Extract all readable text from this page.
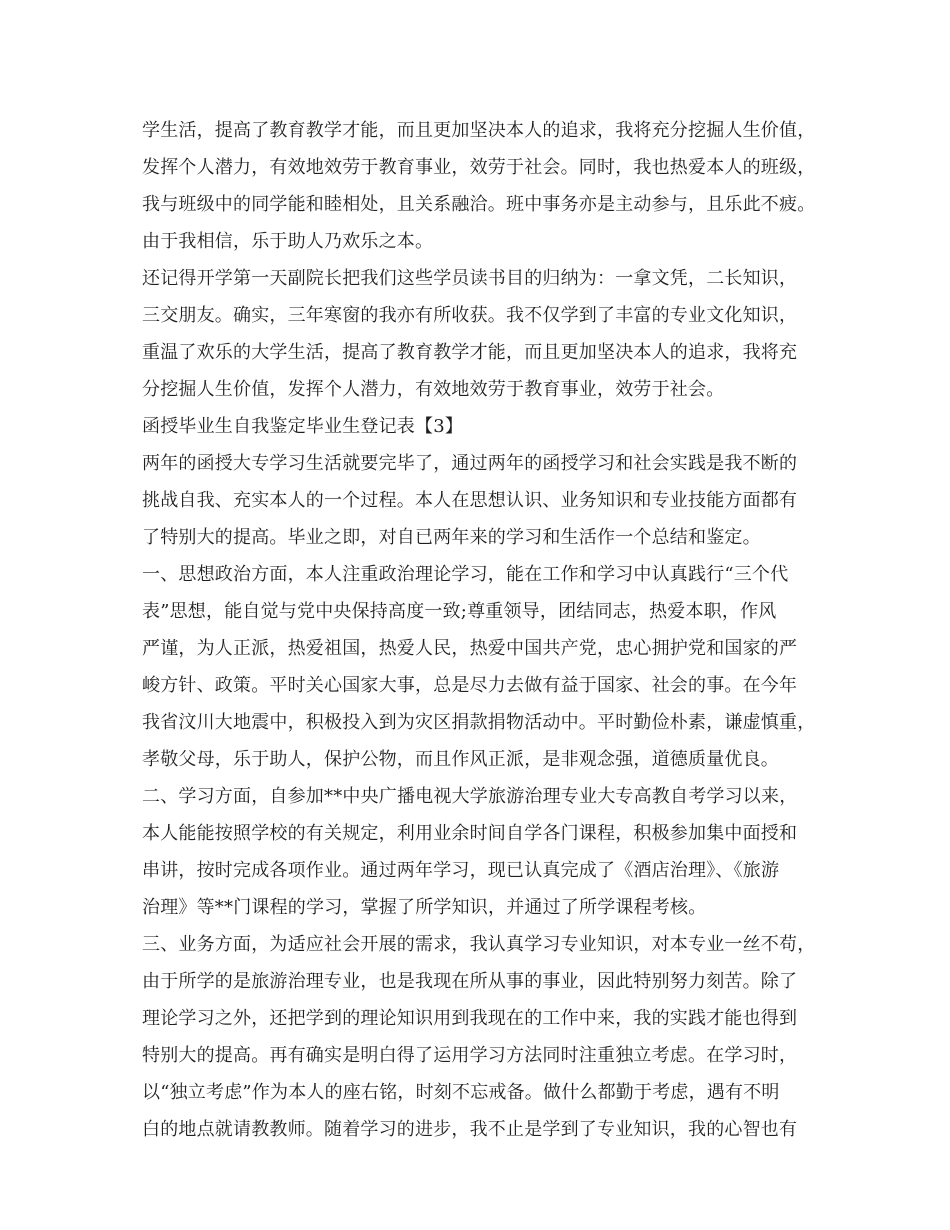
学生活，提高了教育教学才能，而且更加坚决本人的追求，我将充分挖掘人生价值，
发挥个人潜力，有效地效劳于教育事业，效劳于社会。同时，我也热爱本人的班级，
我与班级中的同学能和睦相处，且关系融洽。班中事务亦是主动参与，且乐此不疲。
由于我相信，乐于助人乃欢乐之本。
还记得开学第一天副院长把我们这些学员读书目的归纳为：一拿文凭，二长知识，
三交朋友。确实，三年寒窗的我亦有所收获。我不仅学到了丰富的专业文化知识，
重温了欢乐的大学生活，提高了教育教学才能，而且更加坚决本人的追求，我将充
分挖掘人生价值，发挥个人潜力，有效地效劳于教育事业，效劳于社会。
函授毕业生自我鉴定毕业生登记表【3】
两年的函授大专学习生活就要完毕了，通过两年的函授学习和社会实践是我不断的
挑战自我、充实本人的一个过程。本人在思想认识、业务知识和专业技能方面都有
了特别大的提高。毕业之即，对自已两年来的学习和生活作一个总结和鉴定。
一、思想政治方面，本人注重政治理论学习，能在工作和学习中认真践行“三个代
表”思想，能自觉与党中央保持高度一致;尊重领导，团结同志，热爱本职，作风
严谨，为人正派，热爱祖国，热爱人民，热爱中国共产党，忠心拥护党和国家的严
峻方针、政策。平时关心国家大事，总是尽力去做有益于国家、社会的事。在今年
我省汶川大地震中，积极投入到为灾区捐款捐物活动中。平时勤俭朴素，谦虚慎重，
孝敬父母，乐于助人，保护公物，而且作风正派，是非观念强，道德质量优良。
二、学习方面，自参加**中央广播电视大学旅游治理专业大专高教自考学习以来，
本人能能按照学校的有关规定，利用业余时间自学各门课程，积极参加集中面授和
串讲，按时完成各项作业。通过两年学习，现已认真完成了《酒店治理》、《旅游
治理》等**门课程的学习，掌握了所学知识，并通过了所学课程考核。
三、业务方面，为适应社会开展的需求，我认真学习专业知识，对本专业一丝不苟，
由于所学的是旅游治理专业，也是我现在所从事的事业，因此特别努力刻苦。除了
理论学习之外，还把学到的理论知识用到我现在的工作中来，我的实践才能也得到
特别大的提高。再有确实是明白得了运用学习方法同时注重独立考虑。在学习时，
以“独立考虑”作为本人的座右铭，时刻不忘戒备。做什么都勤于考虑，遇有不明
白的地点就请教教师。随着学习的进步，我不止是学到了专业知识，我的心智也有
